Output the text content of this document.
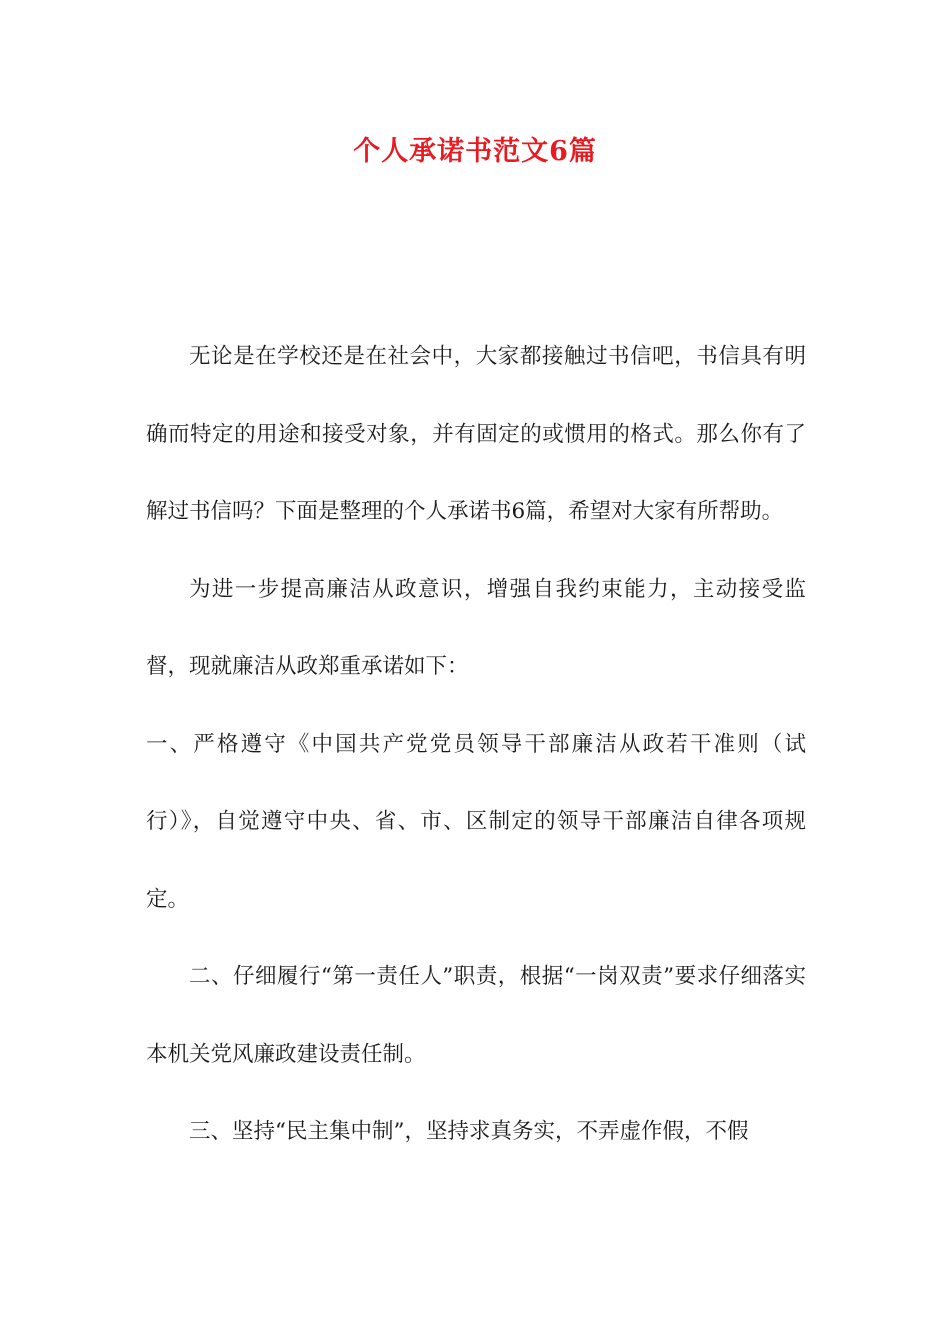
个人承诺书范文6篇

无论是在学校还是在社会中，大家都接触过书信吧，书信具有明确而特定的用途和接受对象，并有固定的或惯用的格式。那么你有了解过书信吗？下面是整理的个人承诺书6篇，希望对大家有所帮助。

为进一步提高廉洁从政意识，增强自我约束能力，主动接受监督，现就廉洁从政郑重承诺如下：

一、严格遵守《中国共产党党员领导干部廉洁从政若干准则（试行）》，自觉遵守中央、省、市、区制定的领导干部廉洁自律各项规定。

二、仔细履行“第一责任人”职责，根据“一岗双责”要求仔细落实本机关党风廉政建设责任制。

三、坚持“民主集中制”，坚持求真务实，不弄虚作假，不假
